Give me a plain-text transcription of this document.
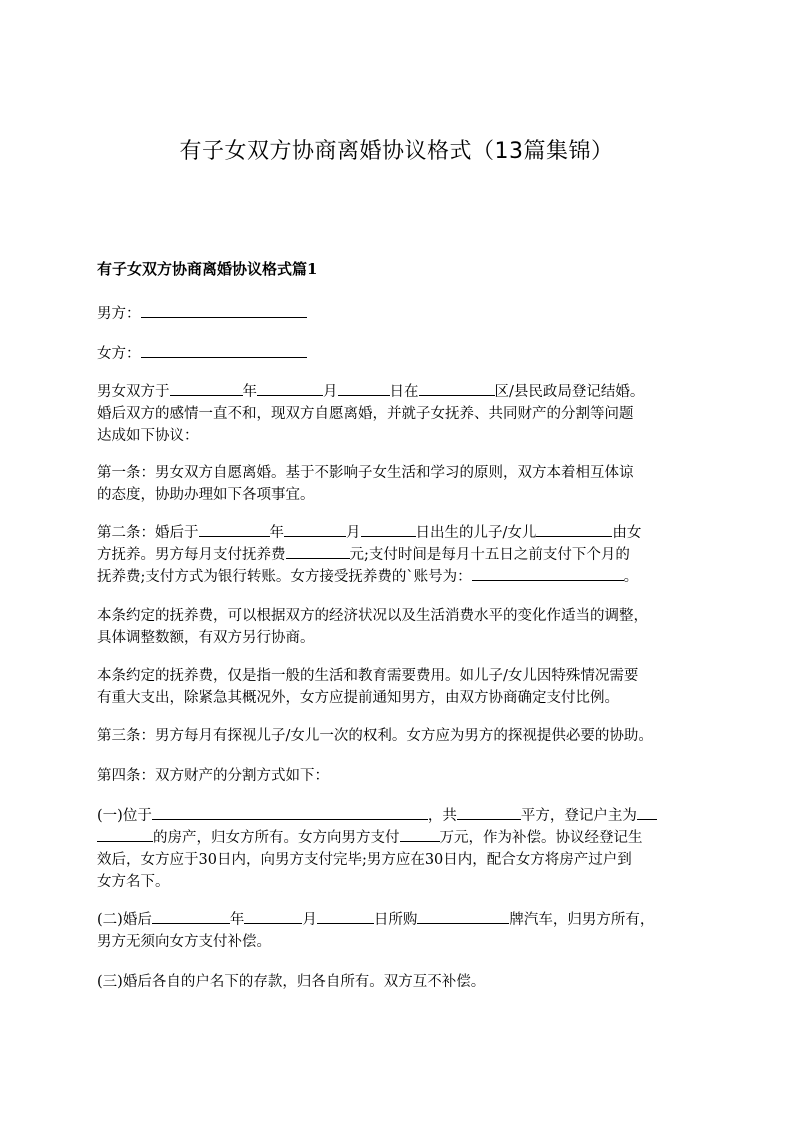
有子女双方协商离婚协议格式（13篇集锦）
有子女双方协商离婚协议格式篇1

男方：

女方：

男女双方于	年	月	日在	区/县民政局登记结婚。

婚后双方的感情一直不和，现双方自愿离婚，并就子女抚养、共同财产的分割等问题

达成如下协议：

第一条：男女双方自愿离婚。基于不影响子女生活和学习的原则，双方本着相互体谅

的态度，协助办理如下各项事宜。

第二条：婚后于	年	月	日出生的儿子/女儿	由女

方抚养。男方每月支付抚养费	元;支付时间是每月十五日之前支付下个月的

抚养费;支付方式为银行转账。女方接受抚养费的`账号为：	。

本条约定的抚养费，可以根据双方的经济状况以及生活消费水平的变化作适当的调整，

具体调整数额，有双方另行协商。

本条约定的抚养费，仅是指一般的生活和教育需要费用。如儿子/女儿因特殊情况需要

有重大支出，除紧急其概况外，女方应提前通知男方，由双方协商确定支付比例。

第三条：男方每月有探视儿子/女儿一次的权利。女方应为男方的探视提供必要的协助。

第四条：双方财产的分割方式如下：

(一)位于	，共	平方，登记户主为

的房产，归女方所有。女方向男方支付	万元，作为补偿。协议经登记生

效后，女方应于30日内，向男方支付完毕;男方应在30日内，配合女方将房产过户到

女方名下。

(二)婚后	年	月	日所购	牌汽车，归男方所有，

男方无须向女方支付补偿。

(三)婚后各自的户名下的存款，归各自所有。双方互不补偿。
